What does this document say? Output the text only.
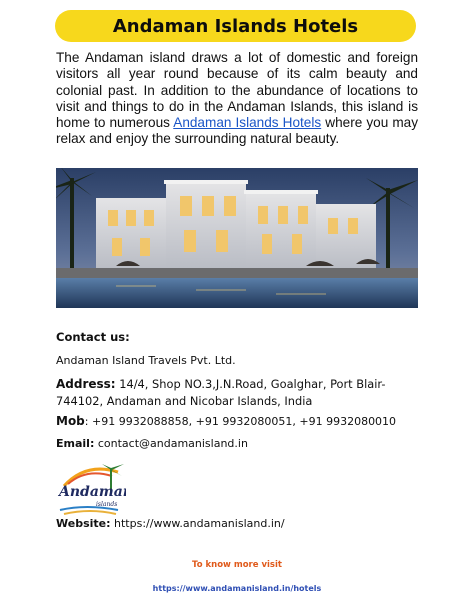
Andaman Islands Hotels
The Andaman island draws a lot of domestic and foreign visitors all year round because of its calm beauty and colonial past. In addition to the abundance of locations to visit and things to do in the Andaman Islands, this island is home to numerous Andaman Islands Hotels where you may relax and enjoy the surrounding natural beauty.

Contact us:

Andaman Island Travels Pvt. Ltd.

Address: 14/4, Shop NO.3,J.N.Road, Goalghar, Port Blair-744102, Andaman and Nicobar Islands, India

Mob: +91 9932088858, +91 9932080051, +91 9932080010

Email: contact@andamanisland.in

Andaman
islands
Website: https://www.andamanisland.in/
To know more visit
https://www.andamanisland.in/hotels
